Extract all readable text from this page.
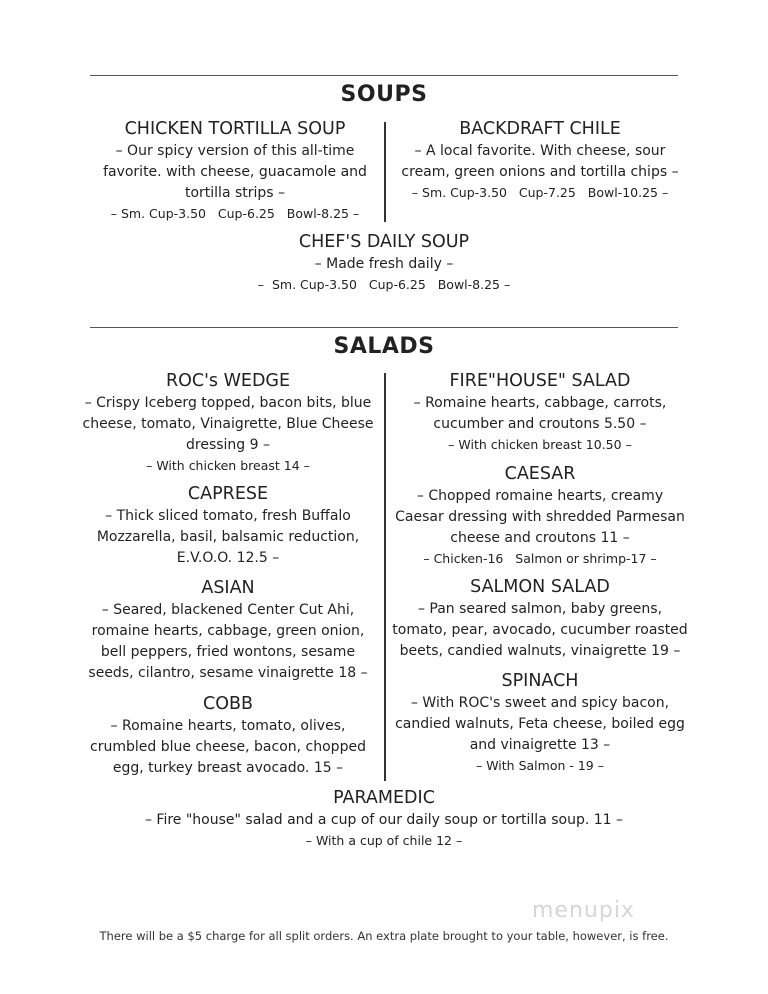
SOUPS
CHICKEN TORTILLA SOUP
– Our spicy version of this all-time
favorite. with cheese, guacamole and
tortilla strips –
– Sm. Cup-3.50   Cup-6.25   Bowl-8.25 –
BACKDRAFT CHILE
– A local favorite. With cheese, sour
cream, green onions and tortilla chips –
– Sm. Cup-3.50   Cup-7.25   Bowl-10.25 –
CHEF'S DAILY SOUP
– Made fresh daily –
–  Sm. Cup-3.50   Cup-6.25   Bowl-8.25 –
SALADS
ROC's WEDGE
– Crispy Iceberg topped, bacon bits, blue
cheese, tomato, Vinaigrette, Blue Cheese
dressing 9 –
– With chicken breast 14 –
CAPRESE
– Thick sliced tomato, fresh Buffalo
Mozzarella, basil, balsamic reduction,
E.V.O.O. 12.5 –
ASIAN
– Seared, blackened Center Cut Ahi,
romaine hearts, cabbage, green onion,
bell peppers, fried wontons, sesame
seeds, cilantro, sesame vinaigrette 18 –
COBB
– Romaine hearts, tomato, olives,
crumbled blue cheese, bacon, chopped
egg, turkey breast avocado. 15 –
FIRE"HOUSE" SALAD
– Romaine hearts, cabbage, carrots,
cucumber and croutons 5.50 –
– With chicken breast 10.50 –
CAESAR
– Chopped romaine hearts, creamy
Caesar dressing with shredded Parmesan
cheese and croutons 11 –
– Chicken-16   Salmon or shrimp-17 –
SALMON SALAD
– Pan seared salmon, baby greens,
tomato, pear, avocado, cucumber roasted
beets, candied walnuts, vinaigrette 19 –
SPINACH
– With ROC's sweet and spicy bacon,
candied walnuts, Feta cheese, boiled egg
and vinaigrette 13 –
– With Salmon - 19 –
PARAMEDIC
– Fire "house" salad and a cup of our daily soup or tortilla soup. 11 –
– With a cup of chile 12 –
menupix
There will be a $5 charge for all split orders. An extra plate brought to your table, however, is free.
